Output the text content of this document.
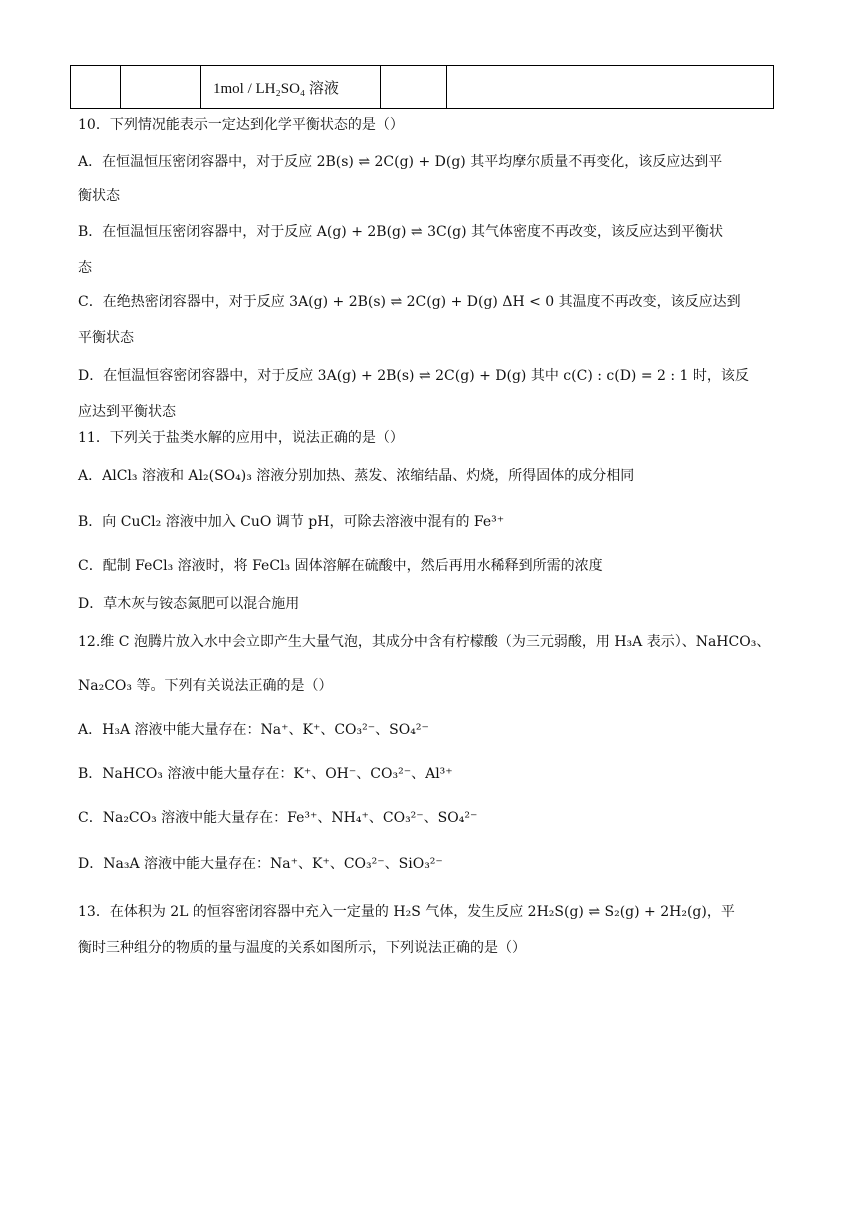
1mol / LH₂SO₄ 溶液
10．下列情况能表示一定达到化学平衡状态的是（）
A．在恒温恒压密闭容器中，对于反应 2B(s) ⇌ 2C(g) + D(g) 其平均摩尔质量不再变化，该反应达到平
衡状态
B．在恒温恒压密闭容器中，对于反应 A(g) + 2B(g) ⇌ 3C(g) 其气体密度不再改变，该反应达到平衡状
态
C．在绝热密闭容器中，对于反应 3A(g) + 2B(s) ⇌ 2C(g) + D(g) ΔH < 0 其温度不再改变，该反应达到
平衡状态
D．在恒温恒容密闭容器中，对于反应 3A(g) + 2B(s) ⇌ 2C(g) + D(g) 其中 c(C) : c(D) = 2 : 1 时，该反
应达到平衡状态
11．下列关于盐类水解的应用中，说法正确的是（）
A．AlCl₃ 溶液和 Al₂(SO₄)₃ 溶液分别加热、蒸发、浓缩结晶、灼烧，所得固体的成分相同
B．向 CuCl₂ 溶液中加入 CuO 调节 pH，可除去溶液中混有的 Fe³⁺
C．配制 FeCl₃ 溶液时，将 FeCl₃ 固体溶解在硫酸中，然后再用水稀释到所需的浓度
D．草木灰与铵态氮肥可以混合施用
12.维 C 泡腾片放入水中会立即产生大量气泡，其成分中含有柠檬酸（为三元弱酸，用 H₃A 表示）、NaHCO₃、
Na₂CO₃ 等。下列有关说法正确的是（）
A．H₃A 溶液中能大量存在：Na⁺、K⁺、CO₃²⁻、SO₄²⁻
B．NaHCO₃ 溶液中能大量存在：K⁺、OH⁻、CO₃²⁻、Al³⁺
C．Na₂CO₃ 溶液中能大量存在：Fe³⁺、NH₄⁺、CO₃²⁻、SO₄²⁻
D．Na₃A 溶液中能大量存在：Na⁺、K⁺、CO₃²⁻、SiO₃²⁻
13．在体积为 2L 的恒容密闭容器中充入一定量的 H₂S 气体，发生反应 2H₂S(g) ⇌ S₂(g) + 2H₂(g)，平
衡时三种组分的物质的量与温度的关系如图所示，下列说法正确的是（）
